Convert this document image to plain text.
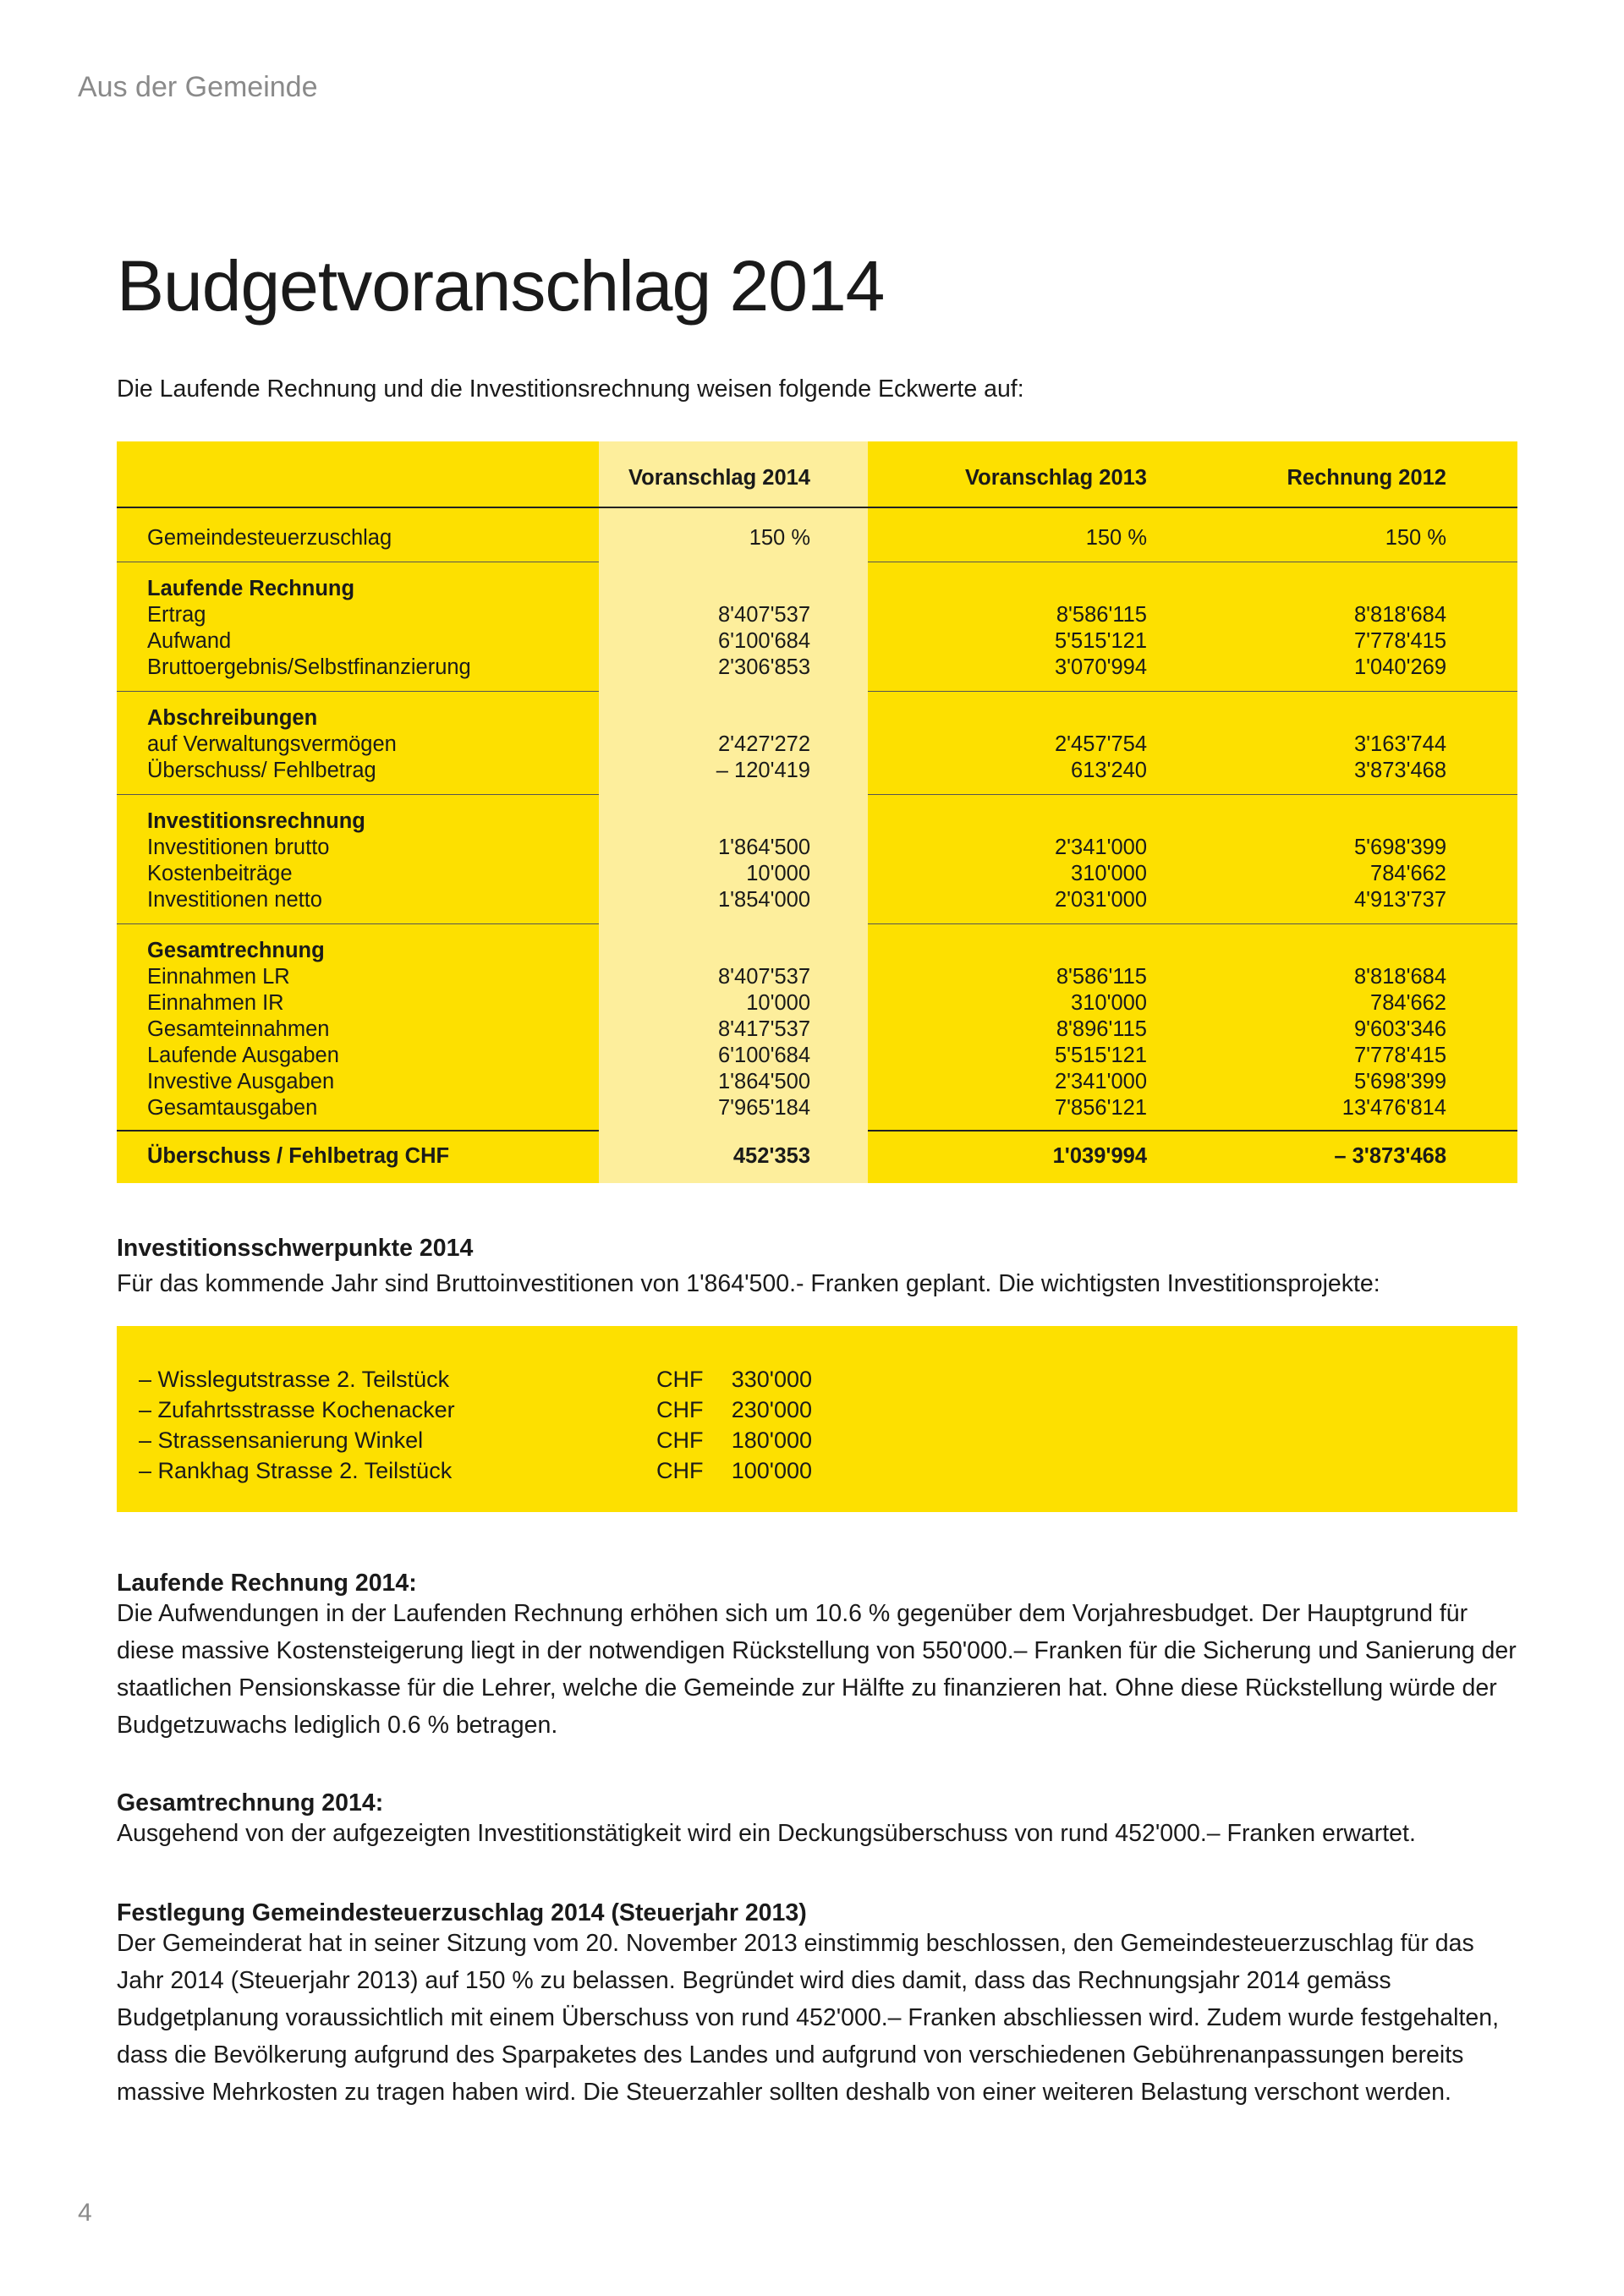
Aus der Gemeinde
Budgetvoranschlag 2014
Die Laufende Rechnung und die Investitionsrechnung weisen folgende Eckwerte auf:
Voranschlag 2014	Voranschlag 2013	Rechnung 2012
Gemeindesteuerzuschlag	150 %	150 %	150 %
Laufende Rechnung
Ertrag	8'407'537	8'586'115	8'818'684
Aufwand	6'100'684	5'515'121	7'778'415
Bruttoergebnis/Selbstfinanzierung	2'306'853	3'070'994	1'040'269
Abschreibungen
auf Verwaltungsvermögen	2'427'272	2'457'754	3'163'744
Überschuss/ Fehlbetrag	– 120'419	613'240	3'873'468
Investitionsrechnung
Investitionen brutto	1'864'500	2'341'000	5'698'399
Kostenbeiträge	10'000	310'000	784'662
Investitionen netto	1'854'000	2'031'000	4'913'737
Gesamtrechnung
Einnahmen LR	8'407'537	8'586'115	8'818'684
Einnahmen IR	10'000	310'000	784'662
Gesamteinnahmen	8'417'537	8'896'115	9'603'346
Laufende Ausgaben	6'100'684	5'515'121	7'778'415
Investive Ausgaben	1'864'500	2'341'000	5'698'399
Gesamtausgaben	7'965'184	7'856'121	13'476'814
Überschuss / Fehlbetrag CHF	452'353	1'039'994	– 3'873'468
Investitionsschwerpunkte 2014

Für das kommende Jahr sind Bruttoinvestitionen von 1'864'500.- Franken geplant. Die wichtigsten Investitionsprojekte:

– Wisslegutstrasse 2. Teilstück	CHF	330'000
– Zufahrtsstrasse Kochenacker	CHF	230'000
– Strassensanierung Winkel	CHF	180'000
– Rankhag Strasse 2. Teilstück	CHF	100'000
Laufende Rechnung 2014:

Die Aufwendungen in der Laufenden Rechnung erhöhen sich um 10.6 % gegenüber dem Vorjahresbudget. Der Hauptgrund für diese massive Kostensteigerung liegt in der notwendigen Rückstellung von 550'000.– Franken für die Sicherung und Sanierung der staatlichen Pensionskasse für die Lehrer, welche die Gemeinde zur Hälfte zu finanzieren hat. Ohne diese Rückstellung würde der Budgetzuwachs lediglich 0.6 % betragen.

Gesamtrechnung 2014:

Ausgehend von der aufgezeigten Investitionstätigkeit wird ein Deckungsüberschuss von rund 452'000.– Franken erwartet.

Festlegung Gemeindesteuerzuschlag 2014 (Steuerjahr 2013)

Der Gemeinderat hat in seiner Sitzung vom 20. November 2013 einstimmig beschlossen, den Gemeindesteuerzuschlag für das Jahr 2014 (Steuerjahr 2013) auf 150 % zu belassen. Begründet wird dies damit, dass das Rechnungsjahr 2014 gemäss Budgetplanung voraussichtlich mit einem Überschuss von rund 452'000.– Franken abschliessen wird. Zudem wurde festgehalten, dass die Bevölkerung aufgrund des Sparpaketes des Landes und aufgrund von verschiedenen Gebührenanpassungen bereits massive Mehrkosten zu tragen haben wird. Die Steuerzahler sollten deshalb von einer weiteren Belastung verschont werden.

4
